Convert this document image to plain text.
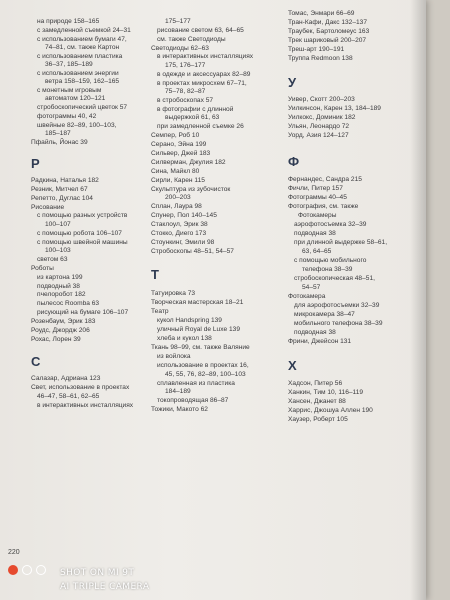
на природе 158–165
с замедленной съемкой 24–31
с использованием бумаги 47,
74–81, см. также Картон
с использованием пластика
36–37, 185–189
с использованием энергии
ветра 158–159, 162–165
с монетным игровым
автоматом 120–121
стробоскопический цветок 57
фотограммы 40, 42
швейные 82–89, 100–103,
185–187
Пфайль, Йонас 39
Р
Радкина, Наталья 182
Резник, Митчел 67
Репетто, Дуглас 104
Рисование
с помощью разных устройств
100–107
с помощью робота 106–107
с помощью швейной машины
100–103
светом 63
Роботы
из картона 199
подводный 38
пчелоробот 182
пылесос Roomba 63
рисующий на бумаге 106–107
Розенбаум, Эрик 183
Роудс, Джордж 206
Рохас, Лорен 39
С
Салазар, Адриана 123
Свет, использование в проектах
46–47, 58–61, 62–65
в интерактивных инсталляциях
175–177
рисование светом 63, 64–65
см. также Светодиоды
Светодиоды 62–63
в интерактивных инсталляциях
175, 176–177
в одежде и аксессуарах 82–89
в проектах микросхем 67–71,
75–78, 82–87
в стробоскопах 57
в фотографии с длинной
выдержкой 61, 63
при замедленной съемке 26
Семпер, Роб 10
Серано, Эйна 199
Сильвер, Джей 183
Силверман, Джулия 182
Сина, Майкл 80
Сирли, Карен 115
Скульптура из зубочисток
200–203
Сплан, Лаура 98
Спунер, Пол 140–145
Стаклоул, Эрик 38
Стокко, Диего 173
Стоункинг, Эмили 98
Стробоскопы 48–51, 54–57
Т
Татуировка 73
Творческая мастерская 18–21
Театр
кукол Handspring 139
уличный Royal de Luxe 139
хлеба и кукол 138
Ткань 98–99, см. также Валяние
из войлока
использование в проектах 16,
45, 55, 76, 82–89, 100–103
сплавленная из пластика
184–189
токопроводящая 86–87
Тожики, Макото 62
Томас, Энмари 66–69
Тран-Кафи, Дакс 132–137
Траубек, Бартоломеус 163
Трек шариковый 200–207
Треш-арт 190–191
Труппа Redmoon 138
У
Уивер, Скотт 200–203
Уилкинсон, Карен 13, 184–189
Уилкокс, Доминик 182
Ульян, Леонардо 72
Уорд, Азия 124–127
Ф
Фернандес, Сандра 215
Фичли, Питер 157
Фотограммы 40–45
Фотография, см. также
Фотокамеры
аэрофотосъемка 32–39
подводная 38
при длинной выдержке 58–61,
63, 64–65
с помощью мобильного
телефона 38–39
стробоскопическая 48–51,
54–57
Фотокамера
для аэрофотосъемки 32–39
микрокамера 38–47
мобильного телефона 38–39
подводная 38
Фрини, Джейсон 131
Х
Хадсон, Питер 56
Ханкин, Тим 10, 116–119
Хансен, Джанет 88
Харрис, Джошуа Аллен 190
Хаузер, Роберт 105
220
SHOT ON MI 9T
AI TRIPLE CAMERA
